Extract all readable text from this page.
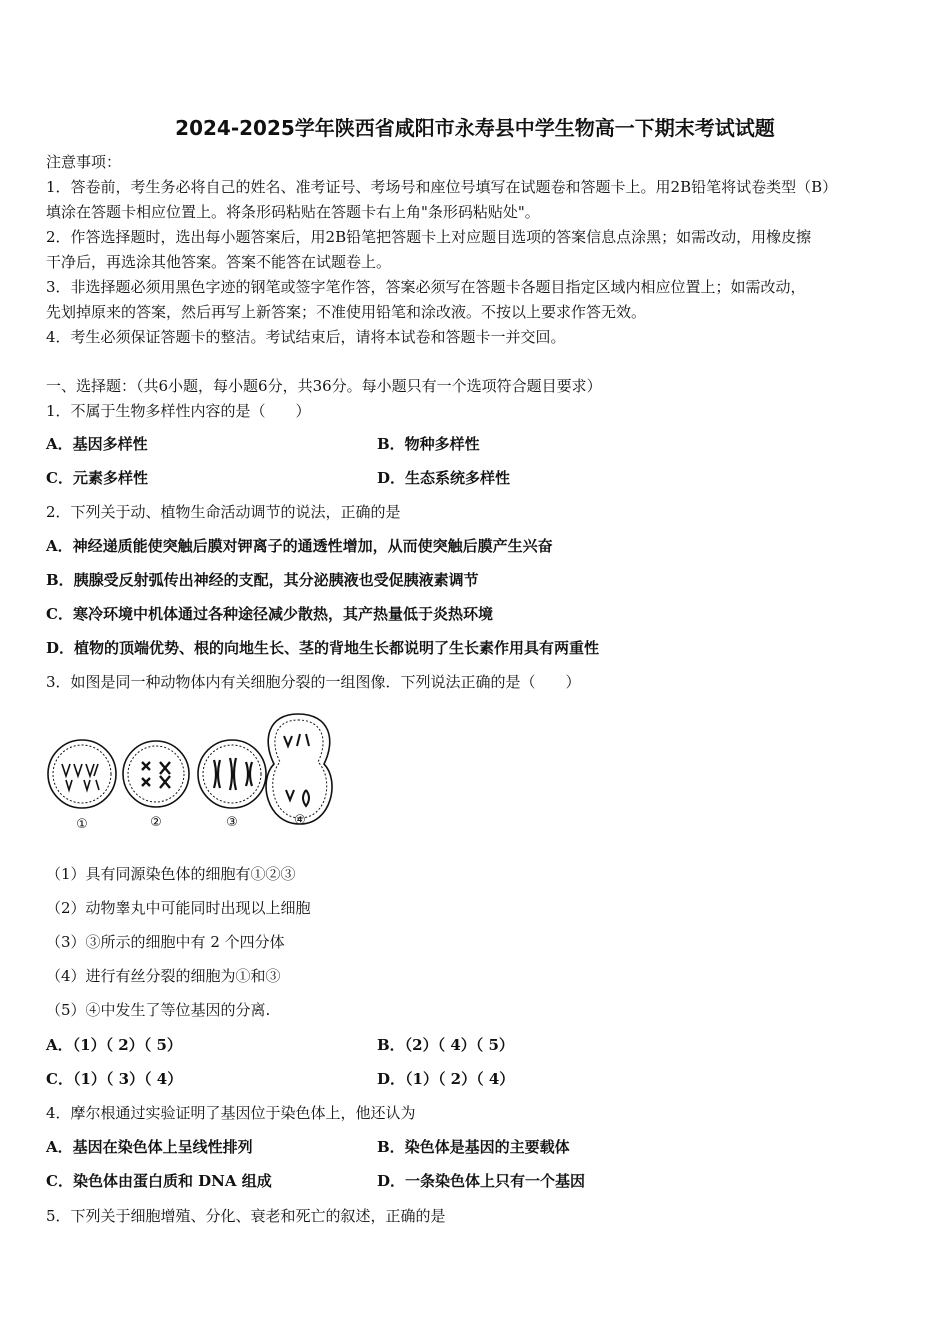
2024-2025学年陕西省咸阳市永寿县中学生物高一下期末考试试题
注意事项：
1．答卷前，考生务必将自己的姓名、准考证号、考场号和座位号填写在试题卷和答题卡上。用2B铅笔将试卷类型（B）
填涂在答题卡相应位置上。将条形码粘贴在答题卡右上角"条形码粘贴处"。
2．作答选择题时，选出每小题答案后，用2B铅笔把答题卡上对应题目选项的答案信息点涂黑；如需改动，用橡皮擦
干净后，再选涂其他答案。答案不能答在试题卷上。
3．非选择题必须用黑色字迹的钢笔或签字笔作答，答案必须写在答题卡各题目指定区域内相应位置上；如需改动，
先划掉原来的答案，然后再写上新答案；不准使用铅笔和涂改液。不按以上要求作答无效。
4．考生必须保证答题卡的整洁。考试结束后，请将本试卷和答题卡一并交回。
一、选择题：（共6小题，每小题6分，共36分。每小题只有一个选项符合题目要求）
1．不属于生物多样性内容的是（　　）
A．基因多样性	B．物种多样性
C．元素多样性	D．生态系统多样性
2．下列关于动、植物生命活动调节的说法，正确的是
A．神经递质能使突触后膜对钾离子的通透性增加，从而使突触后膜产生兴奋
B．胰腺受反射弧传出神经的支配，其分泌胰液也受促胰液素调节
C．寒冷环境中机体通过各种途径减少散热，其产热量低于炎热环境
D．植物的顶端优势、根的向地生长、茎的背地生长都说明了生长素作用具有两重性
3．如图是同一种动物体内有关细胞分裂的一组图像．下列说法正确的是（　　）
①	②	③	④
（1）具有同源染色体的细胞有①②③
（2）动物睾丸中可能同时出现以上细胞
（3）③所示的细胞中有 2 个四分体
（4）进行有丝分裂的细胞为①和③
（5）④中发生了等位基因的分离.
A．（1）（ 2）（ 5）	B．（2）（ 4）（ 5）
C．（1）（ 3）（ 4）	D．（1）（ 2）（ 4）
4．摩尔根通过实验证明了基因位于染色体上，他还认为
A．基因在染色体上呈线性排列	B．染色体是基因的主要载体
C．染色体由蛋白质和 DNA 组成	D．一条染色体上只有一个基因
5．下列关于细胞增殖、分化、衰老和死亡的叙述，正确的是
